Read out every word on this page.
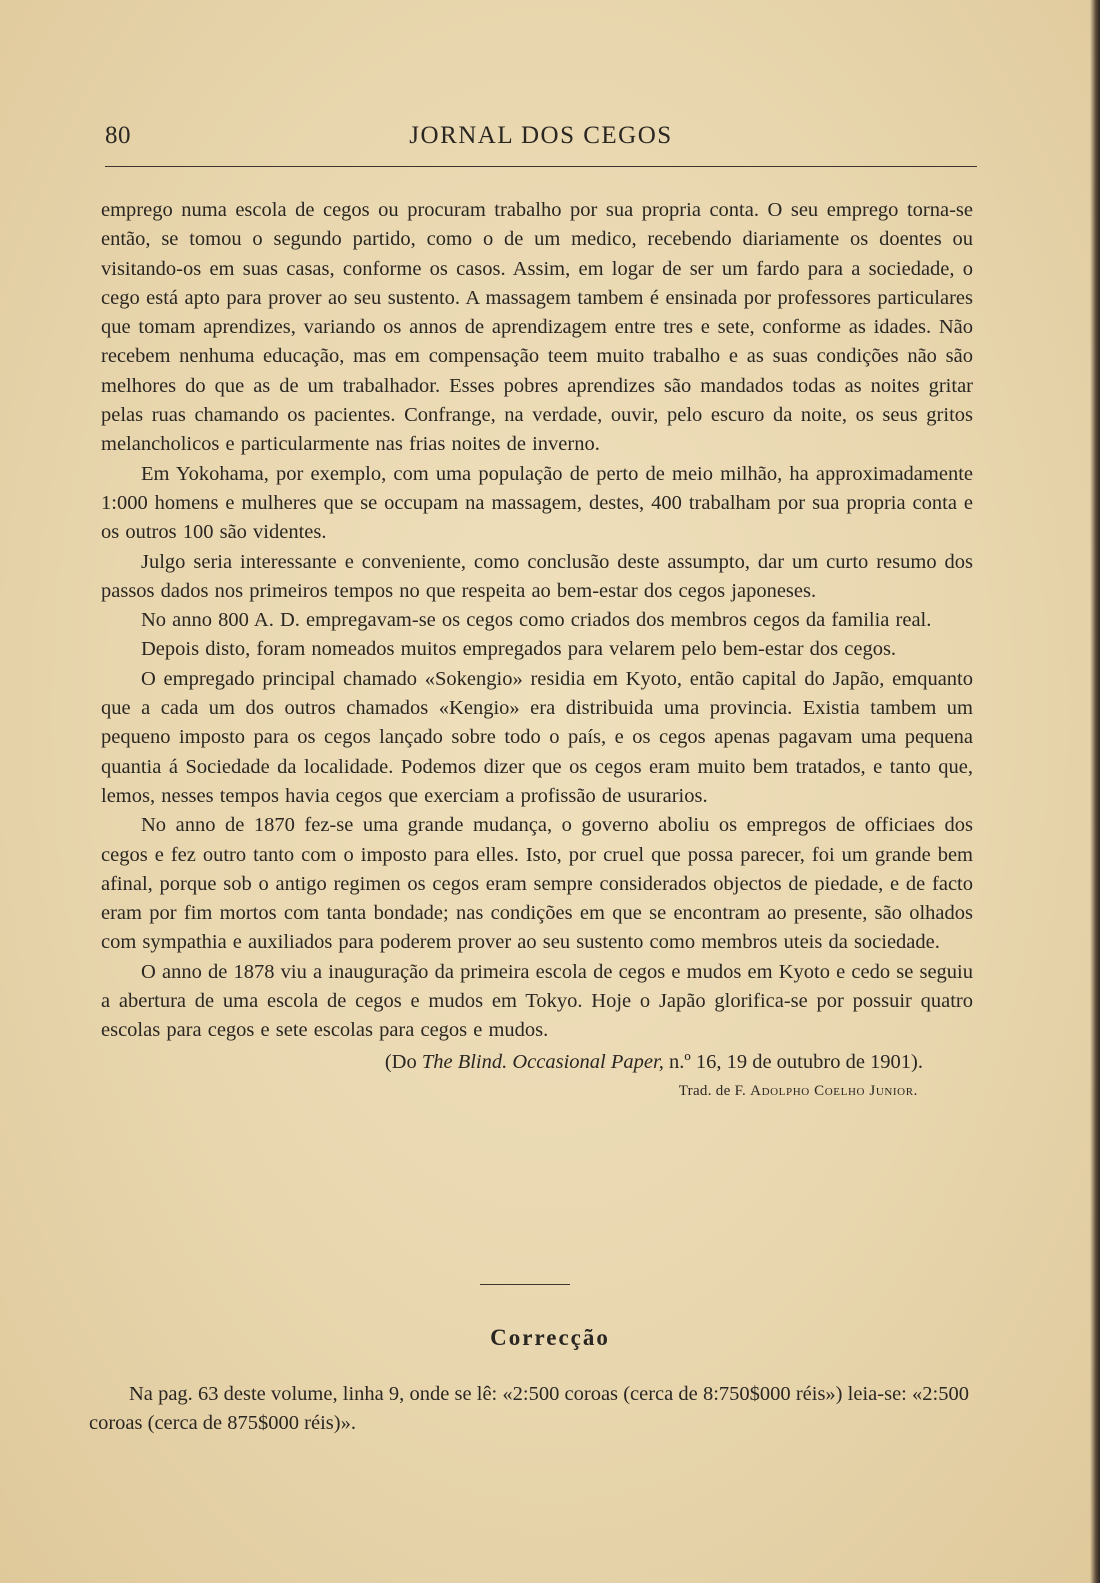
80	JORNAL DOS CEGOS

emprego numa escola de cegos ou procuram trabalho por sua propria conta. O seu emprego torna-se então, se tomou o segundo partido, como o de um medico, recebendo diariamente os doentes ou visitando-os em suas casas, conforme os casos. Assim, em logar de ser um fardo para a sociedade, o cego está apto para prover ao seu sustento. A massagem tambem é ensinada por professores particulares que tomam aprendizes, variando os annos de aprendizagem entre tres e sete, conforme as idades. Não recebem nenhuma educação, mas em compensação teem muito trabalho e as suas condições não são melhores do que as de um trabalhador. Esses pobres aprendizes são mandados todas as noites gritar pelas ruas chamando os pacientes. Confrange, na verdade, ouvir, pelo escuro da noite, os seus gritos melancholicos e particularmente nas frias noites de inverno.

Em Yokohama, por exemplo, com uma população de perto de meio milhão, ha approximadamente 1:000 homens e mulheres que se occupam na massagem, destes, 400 trabalham por sua propria conta e os outros 100 são videntes.

Julgo seria interessante e conveniente, como conclusão deste assumpto, dar um curto resumo dos passos dados nos primeiros tempos no que respeita ao bem-estar dos cegos japoneses.

No anno 800 A. D. empregavam-se os cegos como criados dos membros cegos da familia real.

Depois disto, foram nomeados muitos empregados para velarem pelo bem-estar dos cegos.

O empregado principal chamado «Sokengio» residia em Kyoto, então capital do Japão, emquanto que a cada um dos outros chamados «Kengio» era distribuida uma provincia. Existia tambem um pequeno imposto para os cegos lançado sobre todo o país, e os cegos apenas pagavam uma pequena quantia á Sociedade da localidade. Podemos dizer que os cegos eram muito bem tratados, e tanto que, lemos, nesses tempos havia cegos que exerciam a profissão de usurarios.

No anno de 1870 fez-se uma grande mudança, o governo aboliu os empregos de officiaes dos cegos e fez outro tanto com o imposto para elles. Isto, por cruel que possa parecer, foi um grande bem afinal, porque sob o antigo regimen os cegos eram sempre considerados objectos de piedade, e de facto eram por fim mortos com tanta bondade; nas condições em que se encontram ao presente, são olhados com sympathia e auxiliados para poderem prover ao seu sustento como membros uteis da sociedade.

O anno de 1878 viu a inauguração da primeira escola de cegos e mudos em Kyoto e cedo se seguiu a abertura de uma escola de cegos e mudos em Tokyo. Hoje o Japão glorifica-se por possuir quatro escolas para cegos e sete escolas para cegos e mudos.

(Do The Blind. Occasional Paper, n.º 16, 19 de outubro de 1901).
Trad. de F. Adolpho Coelho Junior.
Correcção

Na pag. 63 deste volume, linha 9, onde se lê: «2:500 coroas (cerca de 8:750$000 réis») leia-se: «2:500 coroas (cerca de 875$000 réis)».
